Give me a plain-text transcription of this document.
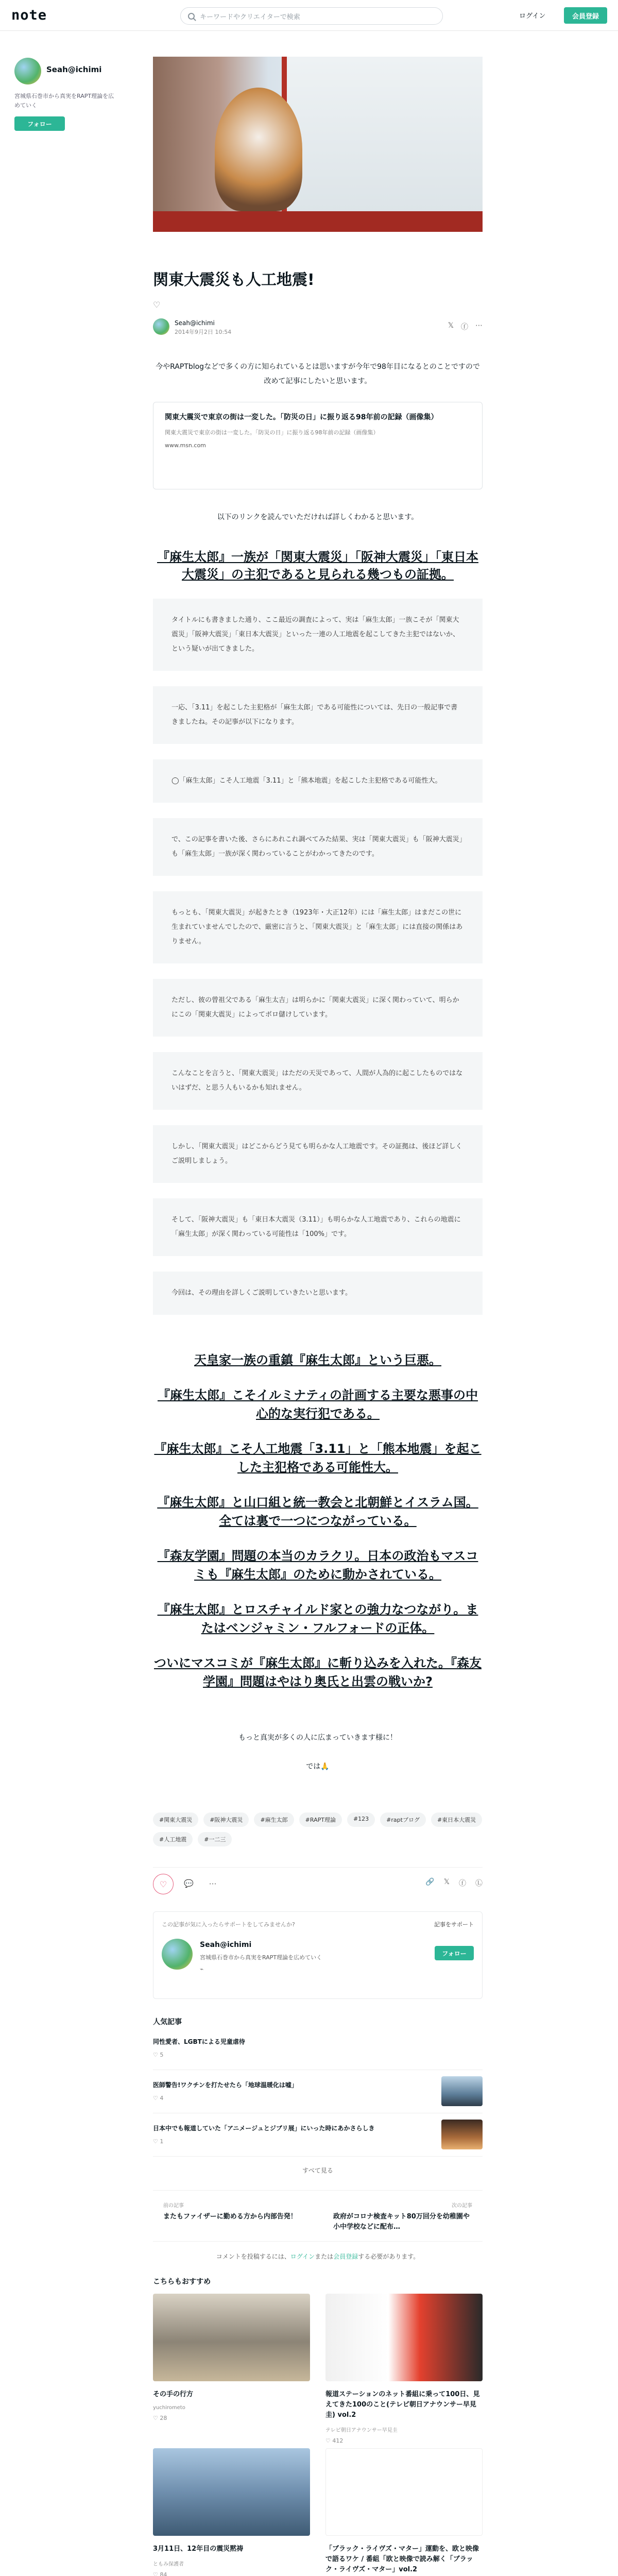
note	キーワードやクリエイターで検索	ログイン	会員登録
Seah@ichimi
宮城県石巻市から真実をRAPT理論を広めていく
フォロー
関東大震災も人工地震!
♡
Seah@ichimi
2014年9月2日 10:54
𝕏 ⓕ ⋯

今やRAPTblogなどで多くの方に知られているとは思いますが今年で98年目になるとのことですので改めて記事にしたいと思います。

関東大震災で東京の街は一変した。「防災の日」に振り返る98年前の記録（画像集）
関東大震災で東京の街は一変した。「防災の日」に振り返る98年前の記録（画像集）
www.msn.com

以下のリンクを読んでいただければ詳しくわかると思います。

『麻生太郎』一族が「関東大震災」「阪神大震災」「東日本大震災」の主犯であると見られる幾つもの証拠。
タイトルにも書きました通り、ここ最近の調査によって、実は「麻生太郎」一族こそが「関東大震災」「阪神大震災」「東日本大震災」といった一連の人工地震を起こしてきた主犯ではないか、という疑いが出てきました。
一応、「3.11」を起こした主犯格が「麻生太郎」である可能性については、先日の一般記事で書きましたね。その記事が以下になります。
◯「麻生太郎」こそ人工地震「3.11」と「熊本地震」を起こした主犯格である可能性大。
で、この記事を書いた後、さらにあれこれ調べてみた結果、実は「関東大震災」も「阪神大震災」も「麻生太郎」一族が深く関わっていることがわかってきたのです。
もっとも、「関東大震災」が起きたとき（1923年・大正12年）には「麻生太郎」はまだこの世に生まれていませんでしたので、厳密に言うと、「関東大震災」と「麻生太郎」には直接の関係はありません。
ただし、彼の曾祖父である「麻生太吉」は明らかに「関東大震災」に深く関わっていて、明らかにこの「関東大震災」によってボロ儲けしています。
こんなことを言うと、「関東大震災」はただの天災であって、人間が人為的に起こしたものではないはずだ、と思う人もいるかも知れません。
しかし、「関東大震災」はどこからどう見ても明らかな人工地震です。その証拠は、後ほど詳しくご説明しましょう。
そして、「阪神大震災」も「東日本大震災（3.11）」も明らかな人工地震であり、これらの地震に「麻生太郎」が深く関わっている可能性は「100%」です。
今回は、その理由を詳しくご説明していきたいと思います。
天皇家一族の重鎮『麻生太郎』という巨悪。
『麻生太郎』こそイルミナティの計画する主要な悪事の中心的な実行犯である。
『麻生太郎』こそ人工地震「3.11」と「熊本地震」を起こした主犯格である可能性大。
『麻生太郎』と山口組と統一教会と北朝鮮とイスラム国。全ては裏で一つにつながっている。
『森友学園』問題の本当のカラクリ。日本の政治もマスコミも『麻生太郎』のために動かされている。
『麻生太郎』とロスチャイルド家との強力なつながり。またはベンジャミン・フルフォードの正体。
ついにマスコミが『麻生太郎』に斬り込みを入れた。『森友学園』問題はやはり奥氏と出雲の戦いか?

もっと真実が多くの人に広まっていきます様に！

では🙏

#関東大震災	#阪神大震災	#麻生太郎	#RAPT理論	#123	#raptブログ	#東日本大震災
#人工地震	#一二三
♡	💬 ⋯	🔗 𝕏 ⓕ Ⓛ
この記事が気に入ったらサポートをしてみませんか?	記事をサポート
Seah@ichimi
宮城県石巻市から真実をRAPT理論を広めていく
⌁
フォロー
人気記事
同性愛者、LGBTによる児童虐待
♡ 5
医師警告!ワクチンを打たせたら「地球温暖化は嘘」
♡ 4
日本中でも報道していた「アニメージュとジブリ展」にいった時にあかさらしき
♡ 1
すべて見る
前の記事
またもファイザーに勤める方から内部告発！
次の記事
政府がコロナ検査キット80万回分を幼稚園や小中学校などに配布…

コメントを投稿するには、ログインまたは会員登録する必要があります。

こちらもおすすめ
その手の行方
yuchirometo
♡ 28
報道ステーションのネット番組に乗って100日、見えてきた100のこと(テレビ朝日アナウンサー早見圭) vol.2
テレビ朝日アナウンサー早見圭
♡ 412
3月11日、12年目の震災黙祷
ともみ保護者
♡ 84
「ブラック・ライヴズ・マター」運動を、欧と映像で語るワケ / 番組「欧と映像で読み解く「ブラック・ライヴズ・マター」vol.2
